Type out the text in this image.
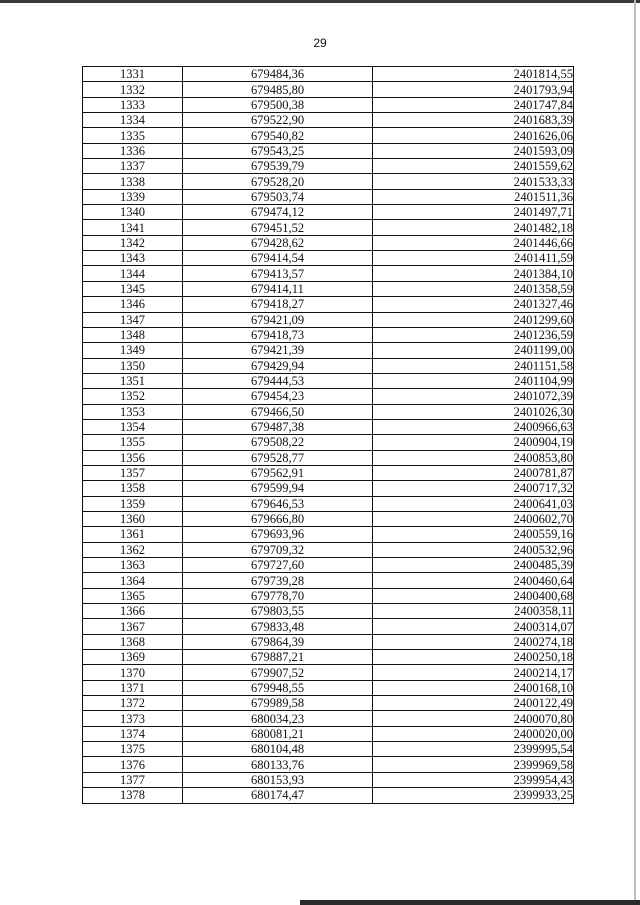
29
1331	679484,36	2401814,55
1332	679485,80	2401793,94
1333	679500,38	2401747,84
1334	679522,90	2401683,39
1335	679540,82	2401626,06
1336	679543,25	2401593,09
1337	679539,79	2401559,62
1338	679528,20	2401533,33
1339	679503,74	2401511,36
1340	679474,12	2401497,71
1341	679451,52	2401482,18
1342	679428,62	2401446,66
1343	679414,54	2401411,59
1344	679413,57	2401384,10
1345	679414,11	2401358,59
1346	679418,27	2401327,46
1347	679421,09	2401299,60
1348	679418,73	2401236,59
1349	679421,39	2401199,00
1350	679429,94	2401151,58
1351	679444,53	2401104,99
1352	679454,23	2401072,39
1353	679466,50	2401026,30
1354	679487,38	2400966,63
1355	679508,22	2400904,19
1356	679528,77	2400853,80
1357	679562,91	2400781,87
1358	679599,94	2400717,32
1359	679646,53	2400641,03
1360	679666,80	2400602,70
1361	679693,96	2400559,16
1362	679709,32	2400532,96
1363	679727,60	2400485,39
1364	679739,28	2400460,64
1365	679778,70	2400400,68
1366	679803,55	2400358,11
1367	679833,48	2400314,07
1368	679864,39	2400274,18
1369	679887,21	2400250,18
1370	679907,52	2400214,17
1371	679948,55	2400168,10
1372	679989,58	2400122,49
1373	680034,23	2400070,80
1374	680081,21	2400020,00
1375	680104,48	2399995,54
1376	680133,76	2399969,58
1377	680153,93	2399954,43
1378	680174,47	2399933,25
